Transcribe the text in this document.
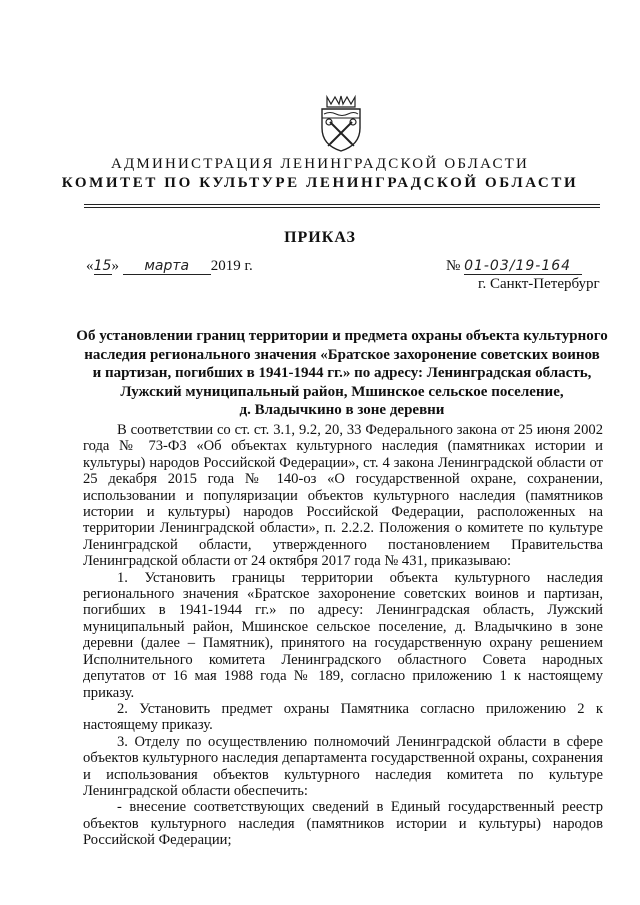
АДМИНИСТРАЦИЯ ЛЕНИНГРАДСКОЙ ОБЛАСТИ
КОМИТЕТ ПО КУЛЬТУРЕ ЛЕНИНГРАДСКОЙ ОБЛАСТИ
ПРИКАЗ
«15» марта 2019 г.	№ 01-03/19-164
г. Санкт-Петербург
Об установлении границ территории и предмета охраны объекта культурного
наследия регионального значения «Братское захоронение советских воинов
и партизан, погибших в 1941-1944 гг.» по адресу: Ленинградская область,
Лужский муниципальный район, Мшинское сельское поселение,
д. Владычкино в зоне деревни

В соответствии со ст. ст. 3.1, 9.2, 20, 33 Федерального закона от 25 июня 2002 года № 73-ФЗ «Об объектах культурного наследия (памятниках истории и культуры) народов Российской Федерации», ст. 4 закона Ленинградской области от 25 декабря 2015 года № 140-оз «О государственной охране, сохранении, использовании и популяризации объектов культурного наследия (памятников истории и культуры) народов Российской Федерации, расположенных на территории Ленинградской области», п. 2.2.2. Положения о комитете по культуре Ленинградской области, утвержденного постановлением Правительства Ленинградской области от 24 октября 2017 года № 431, приказываю:

1. Установить границы территории объекта культурного наследия регионального значения «Братское захоронение советских воинов и партизан, погибших в 1941-1944 гг.» по адресу: Ленинградская область, Лужский муниципальный район, Мшинское сельское поселение, д. Владычкино в зоне деревни (далее – Памятник), принятого на государственную охрану решением Исполнительного комитета Ленинградского областного Совета народных депутатов от 16 мая 1988 года № 189, согласно приложению 1 к настоящему приказу.

2. Установить предмет охраны Памятника согласно приложению 2 к настоящему приказу.

3. Отделу по осуществлению полномочий Ленинградской области в сфере объектов культурного наследия департамента государственной охраны, сохранения и использования объектов культурного наследия комитета по культуре Ленинградской области обеспечить:

- внесение соответствующих сведений в Единый государственный реестр объектов культурного наследия (памятников истории и культуры) народов Российской Федерации;
